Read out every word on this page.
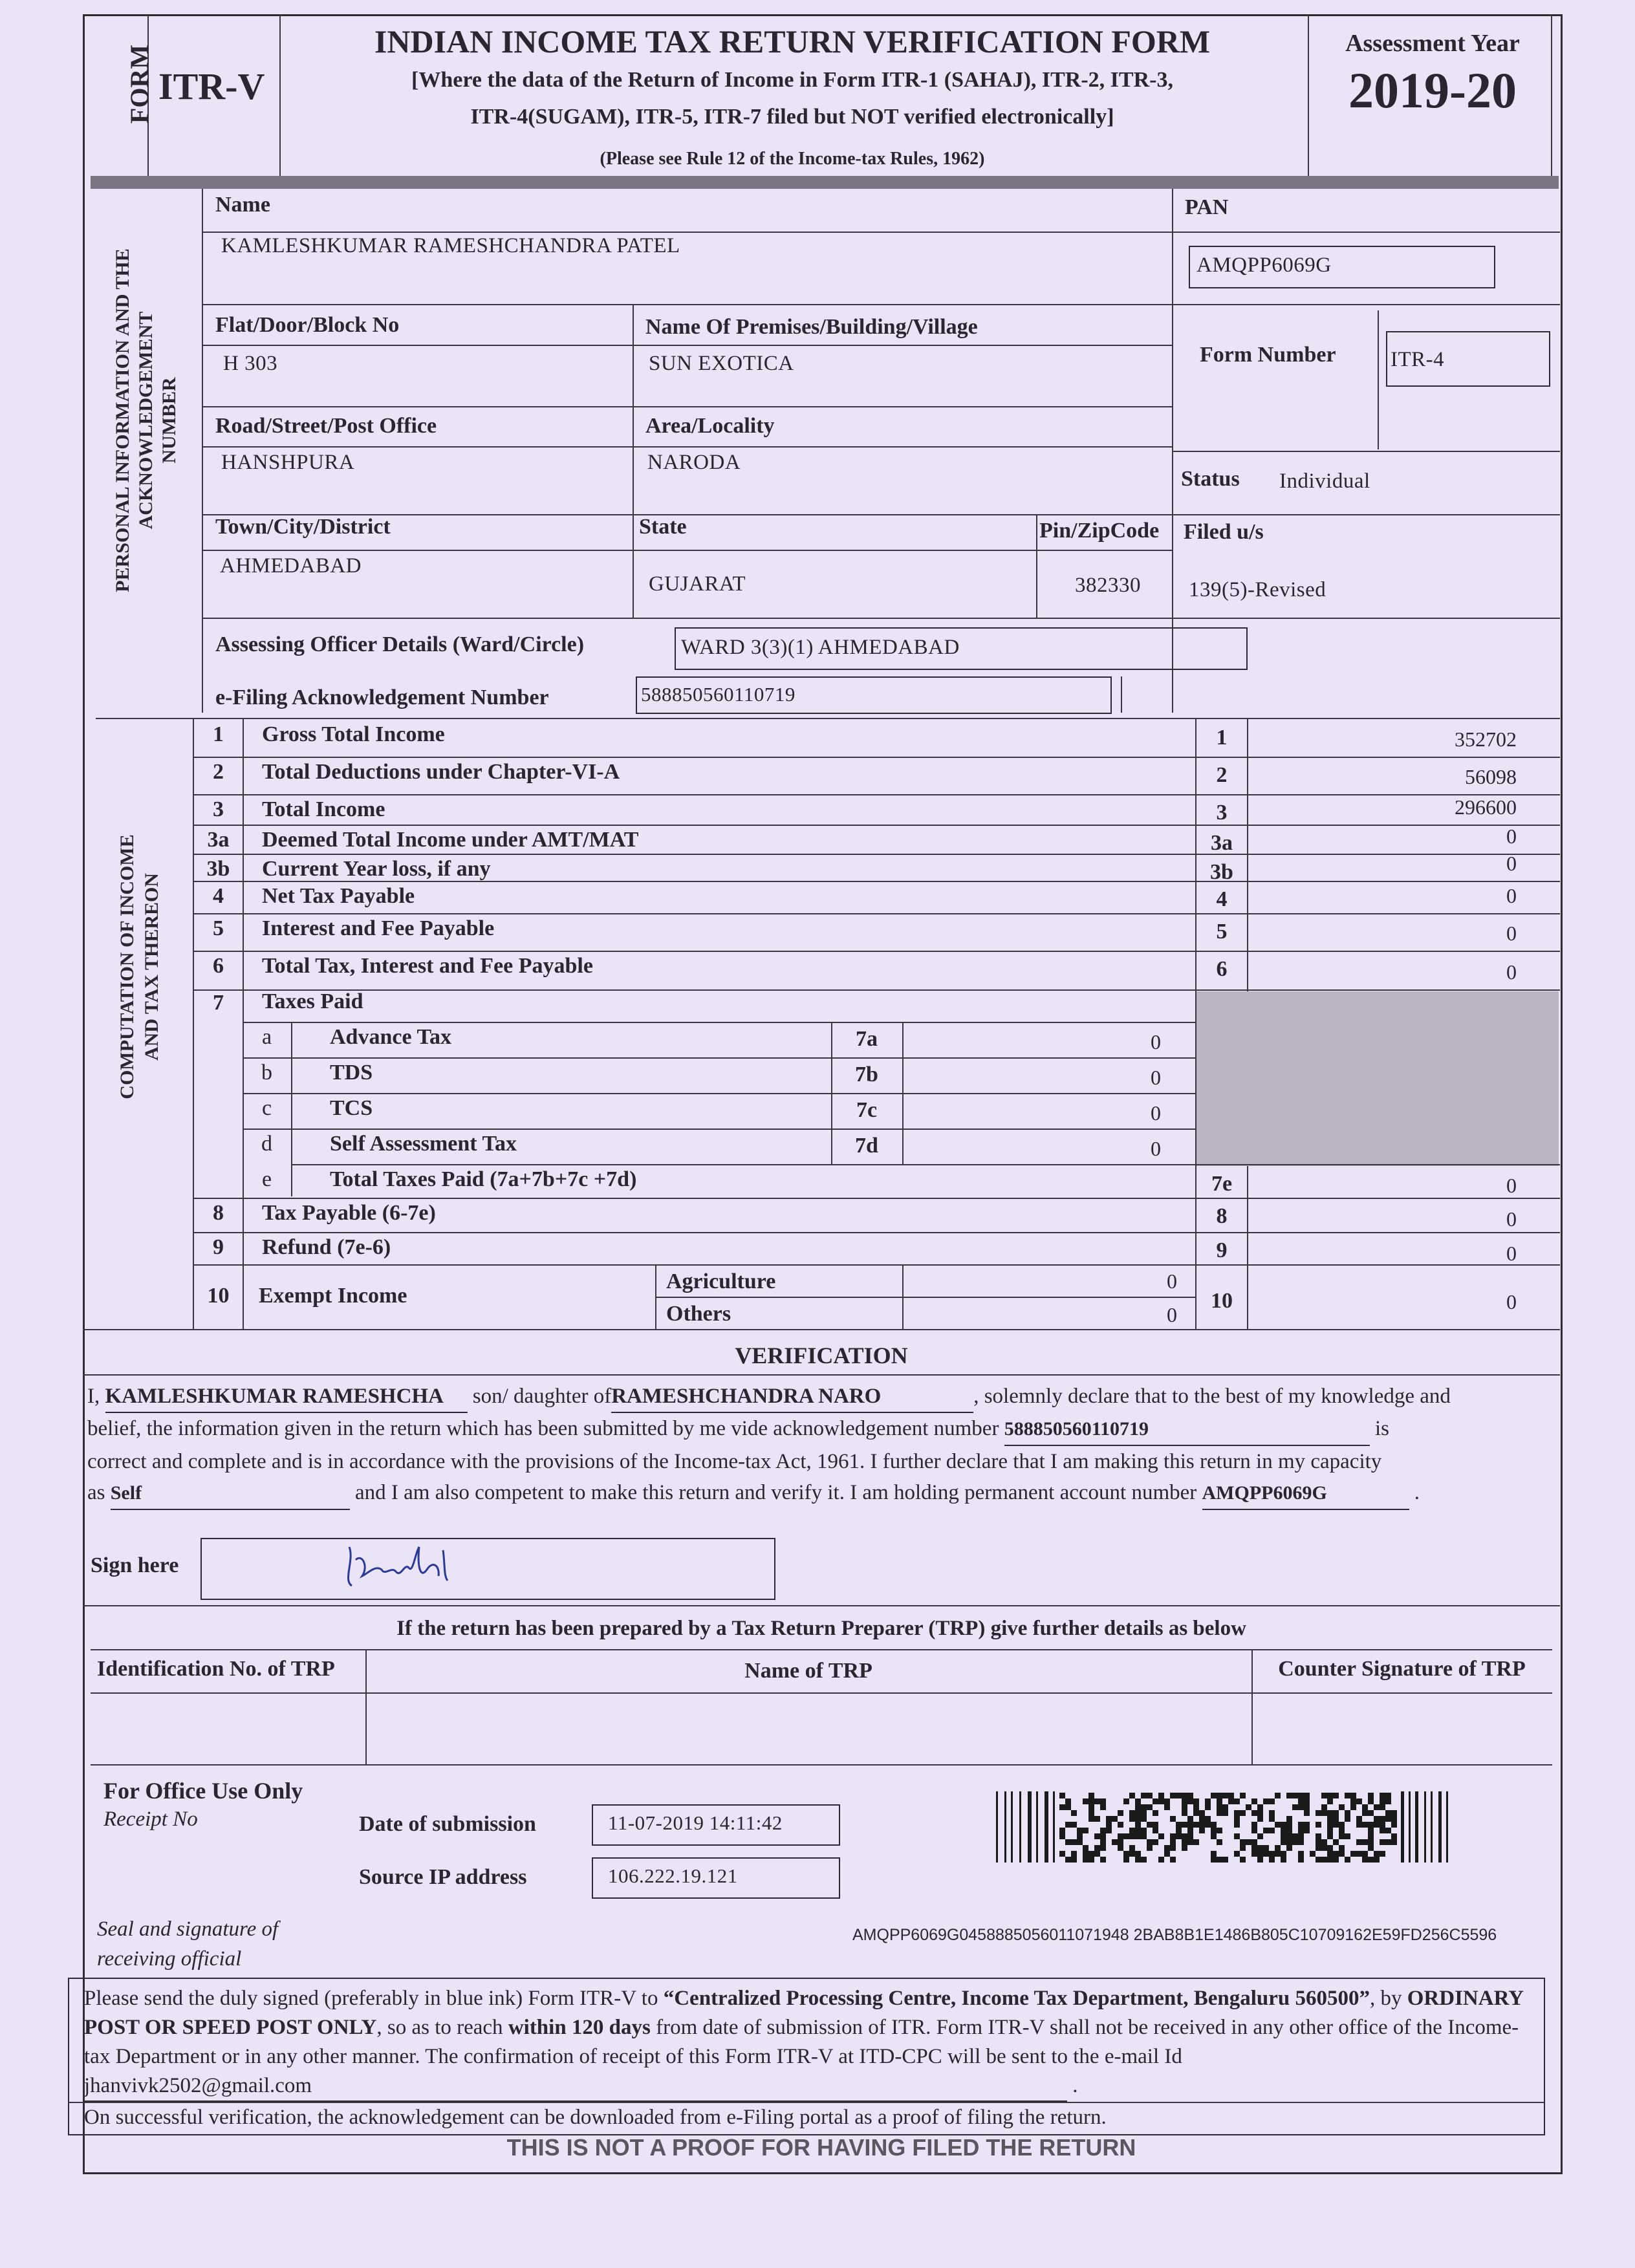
FORM ITR-V
INDIAN INCOME TAX RETURN VERIFICATION FORM
[Where the data of the Return of Income in Form ITR-1 (SAHAJ), ITR-2, ITR-3,
ITR-4(SUGAM), ITR-5, ITR-7 filed but NOT verified electronically]
(Please see Rule 12 of the Income-tax Rules, 1962)
Assessment Year
2019-20
PERSONAL INFORMATION AND THE ACKNOWLEDGEMENT NUMBER
Name	PAN
KAMLESHKUMAR RAMESHCHANDRA PATEL
AMQPP6069G
Flat/Door/Block No	Name Of Premises/Building/Village
H 303	SUN EXOTICA	Form Number	ITR-4
Road/Street/Post Office	Area/Locality
HANSHPURA	NARODA
Status Individual
Town/City/District	State	Pin/ZipCode Filed u/s
AHMEDABAD
GUJARAT	382330 139(5)-Revised
Assessing Officer Details (Ward/Circle)	WARD 3(3)(1) AHMEDABAD
e-Filing Acknowledgement Number	588850560110719
COMPUTATION OF INCOME AND TAX THEREON
1	Gross Total Income	1	352702
2	Total Deductions under Chapter-VI-A	2	56098
3	Total Income	3	296600
3a	Deemed Total Income under AMT/MAT	3a	0
3b	Current Year loss, if any	3b	0
4	Net Tax Payable	4	0
5	Interest and Fee Payable	5	0
6	Total Tax, Interest and Fee Payable	6	0
7	Taxes Paid
a	Advance Tax	7a	0
b	TDS	7b	0
c	TCS	7c	0
d	Self Assessment Tax	7d	0
e	Total Taxes Paid (7a+7b+7c +7d)	7e	0
8	Tax Payable (6-7e)	8	0
9	Refund (7e-6)	9	0
10	Exempt Income
Agriculture	0
Others	0
10	0
VERIFICATION
I, KAMLESHKUMAR RAMESHCHA son/ daughter ofRAMESHCHANDRA NARO	, solemnly declare that to the best of my knowledge and
belief, the information given in the return which has been submitted by me vide acknowledgement number 588850560110719	is
correct and complete and is in accordance with the provisions of the Income-tax Act, 1961. I further declare that I am making this return in my capacity
as Self	and I am also competent to make this return and verify it. I am holding permanent account number AMQPP6069G	.
Sign here
If the return has been prepared by a Tax Return Preparer (TRP) give further details as below
Identification No. of TRP	Name of TRP	Counter Signature of TRP
For Office Use Only
Receipt No	Date of submission	11-07-2019 14:11:42
Source IP address	106.222.19.121
Seal and signature of
receiving official
AMQPP6069G0458885056011071948 2BAB8B1E1486B805C10709162E59FD256C5596
Please send the duly signed (preferably in blue ink) Form ITR-V to “Centralized Processing Centre, Income Tax Department, Bengaluru 560500”, by ORDINARY POST OR SPEED POST ONLY, so as to reach within 120 days from date of submission of ITR. Form ITR-V shall not be received in any other office of the Income-tax Department or in any other manner. The confirmation of receipt of this Form ITR-V at ITD-CPC will be sent to the e-mail Id jhanvivk2502@gmail.com	.
On successful verification, the acknowledgement can be downloaded from e-Filing portal as a proof of filing the return.
THIS IS NOT A PROOF FOR HAVING FILED THE RETURN
